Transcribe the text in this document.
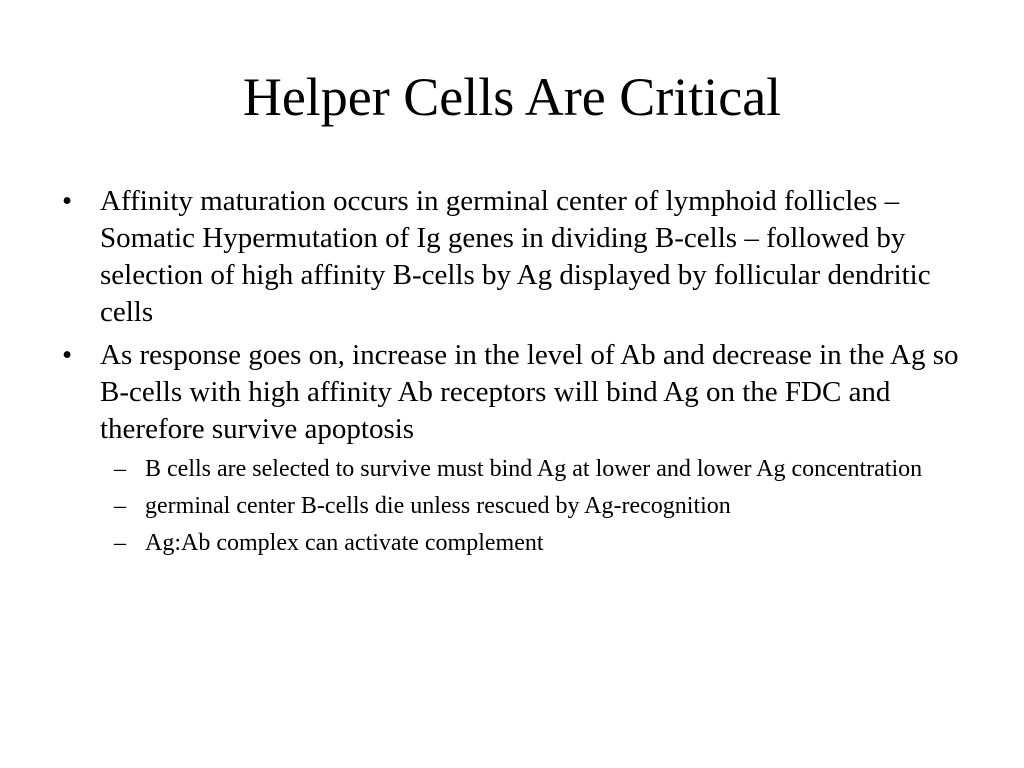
Helper Cells Are Critical
• Affinity maturation occurs in germinal center of lymphoid follicles – Somatic Hypermutation of Ig genes in dividing B-cells – followed by selection of high affinity B-cells by Ag displayed by follicular dendritic cells
• As response goes on, increase in the level of Ab and decrease in the Ag so B-cells with high affinity Ab receptors will bind Ag on the FDC and therefore survive apoptosis
– B cells are selected to survive must bind Ag at lower and lower Ag concentration
– germinal center B-cells die unless rescued by Ag-recognition
– Ag:Ab complex can activate complement
